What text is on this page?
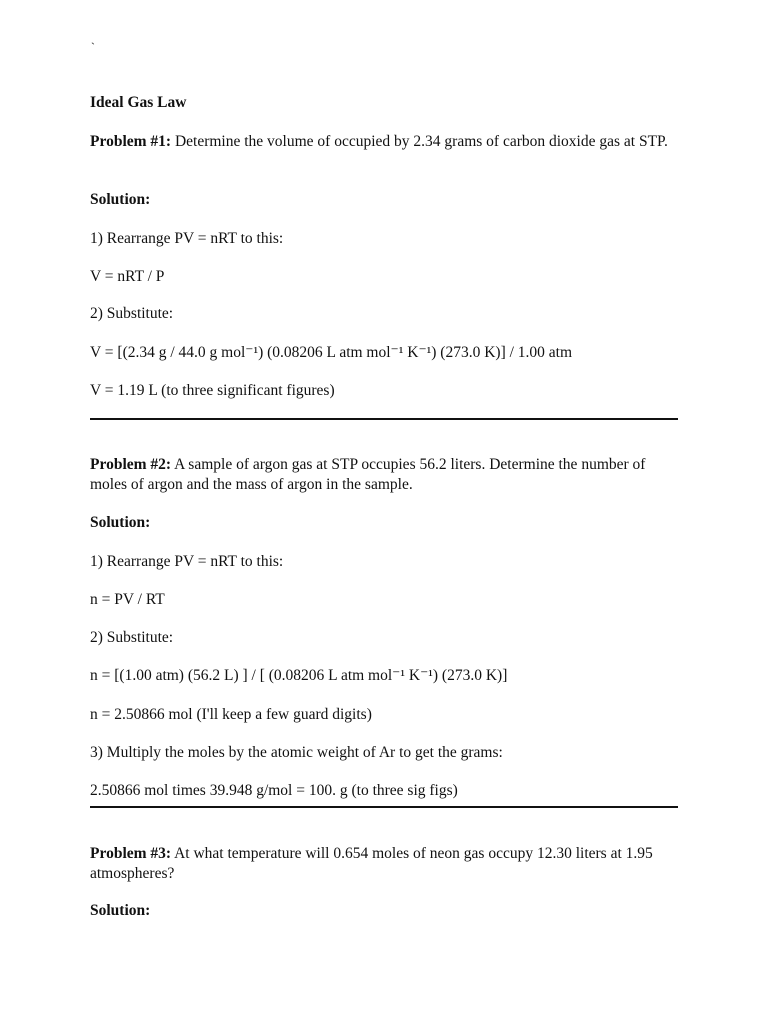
`
Ideal Gas Law
Problem #1: Determine the volume of occupied by 2.34 grams of carbon dioxide gas at STP.
Solution:
1) Rearrange PV = nRT to this:
V = nRT / P
2) Substitute:
V = [(2.34 g / 44.0 g mol⁻¹) (0.08206 L atm mol⁻¹ K⁻¹) (273.0 K)] / 1.00 atm
V = 1.19 L (to three significant figures)
Problem #2: A sample of argon gas at STP occupies 56.2 liters. Determine the number of moles of argon and the mass of argon in the sample.
Solution:
1) Rearrange PV = nRT to this:
n = PV / RT
2) Substitute:
n = [(1.00 atm) (56.2 L) ] / [ (0.08206 L atm mol⁻¹ K⁻¹) (273.0 K)]
n = 2.50866 mol (I'll keep a few guard digits)
3) Multiply the moles by the atomic weight of Ar to get the grams:
2.50866 mol times 39.948 g/mol = 100. g (to three sig figs)
Problem #3: At what temperature will 0.654 moles of neon gas occupy 12.30 liters at 1.95 atmospheres?
Solution:
